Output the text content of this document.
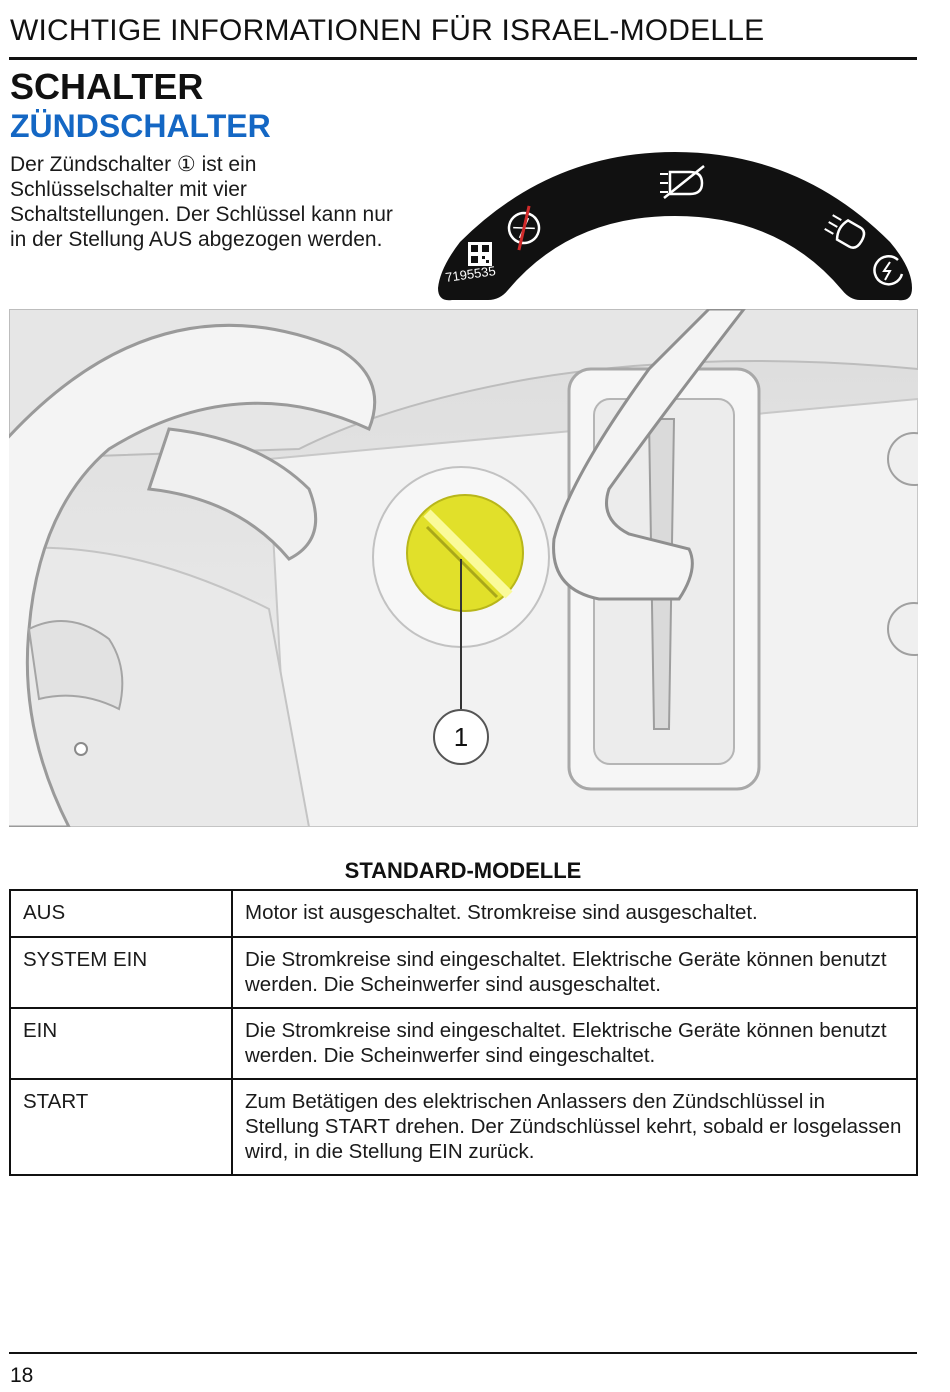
WICHTIGE INFORMATIONEN FÜR ISRAEL-MODELLE
SCHALTER
ZÜNDSCHALTER
Der Zündschalter ① ist ein Schlüsselschalter mit vier Schaltstellungen. Der Schlüssel kann nur in der Stellung AUS abgezogen werden.
7195535
1
STANDARD-MODELLE
AUS	Motor ist ausgeschaltet. Stromkreise sind ausgeschaltet.
SYSTEM EIN	Die Stromkreise sind eingeschaltet. Elektrische Geräte können benutzt werden. Die Scheinwerfer sind ausgeschaltet.
EIN	Die Stromkreise sind eingeschaltet. Elektrische Geräte können benutzt werden. Die Scheinwerfer sind eingeschaltet.
START	Zum Betätigen des elektrischen Anlassers den Zündschlüssel in Stellung START drehen. Der Zündschlüssel kehrt, sobald er losgelassen wird, in die Stellung EIN zurück.
18
